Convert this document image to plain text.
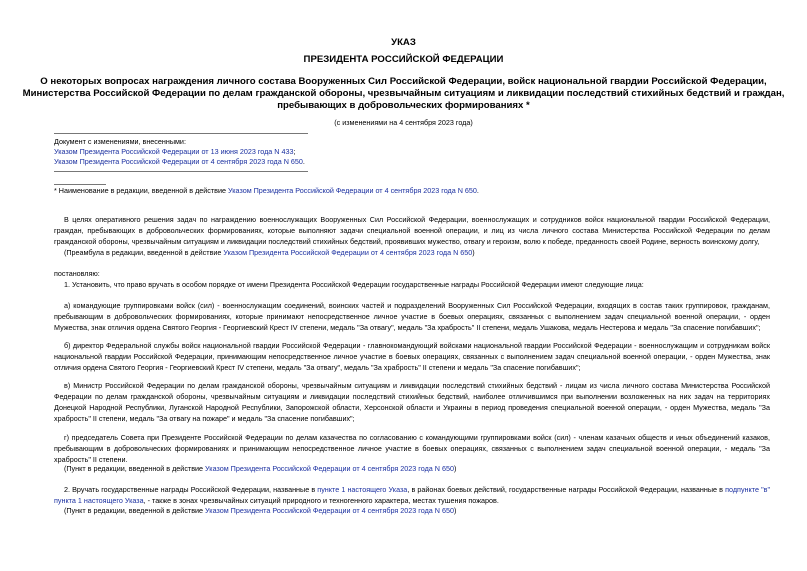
УКАЗ
ПРЕЗИДЕНТА РОССИЙСКОЙ ФЕДЕРАЦИИ
О некоторых вопросах награждения личного состава Вооруженных Сил Российской Федерации, войск национальной гвардии Российской Федерации,
Министерства Российской Федерации по делам гражданской обороны, чрезвычайным ситуациям и ликвидации последствий стихийных бедствий и граждан,
пребывающих в добровольческих формированиях *
(с изменениями на 4 сентября 2023 года)
Документ с изменениями, внесенными:
Указом Президента Российской Федерации от 13 июня 2023 года N 433;
Указом Президента Российской Федерации от 4 сентября 2023 года N 650.
* Наименование в редакции, введенной в действие Указом Президента Российской Федерации от 4 сентября 2023 года N 650.
В целях оперативного решения задач по награждению военнослужащих Вооруженных Сил Российской Федерации, военнослужащих и сотрудников войск национальной гвардии Российской Федерации, граждан, пребывающих в добровольческих формированиях, которые выполняют задачи специальной военной операции, и лиц из числа личного состава Министерства Российской Федерации по делам гражданской обороны, чрезвычайным ситуациям и ликвидации последствий стихийных бедствий, проявивших мужество, отвагу и героизм, волю к победе, преданность своей Родине, верность воинскому долгу,
(Преамбула в редакции, введенной в действие Указом Президента Российской Федерации от 4 сентября 2023 года N 650)
постановляю:
1. Установить, что право вручать в особом порядке от имени Президента Российской Федерации государственные награды Российской Федерации имеют следующие лица:
а) командующие группировками войск (сил) - военнослужащим соединений, воинских частей и подразделений Вооруженных Сил Российской Федерации, входящих в состав таких группировок, гражданам, пребывающим в добровольческих формированиях, которые принимают непосредственное личное участие в боевых операциях, связанных с выполнением задач специальной военной операции, - орден Мужества, знак отличия ордена Святого Георгия - Георгиевский Крест IV степени, медаль "За отвагу", медаль "За храбрость" II степени, медаль Ушакова, медаль Нестерова и медаль "За спасение погибавших";
б) директор Федеральной службы войск национальной гвардии Российской Федерации - главнокомандующий войсками национальной гвардии Российской Федерации - военнослужащим и сотрудникам войск национальной гвардии Российской Федерации, принимающим непосредственное личное участие в боевых операциях, связанных с выполнением задач специальной военной операции, - орден Мужества, знак отличия ордена Святого Георгия - Георгиевский Крест IV степени, медаль "За отвагу", медаль "За храбрость" II степени и медаль "За спасение погибавших";
в) Министр Российской Федерации по делам гражданской обороны, чрезвычайным ситуациям и ликвидации последствий стихийных бедствий - лицам из числа личного состава Министерства Российской Федерации по делам гражданской обороны, чрезвычайным ситуациям и ликвидации последствий стихийных бедствий, наиболее отличившимся при выполнении возложенных на них задач на территориях Донецкой Народной Республики, Луганской Народной Республики, Запорожской области, Херсонской области и Украины в период проведения специальной военной операции, - орден Мужества, медаль "За храбрость" II степени, медаль "За отвагу на пожаре" и медаль "За спасение погибавших";
г) председатель Совета при Президенте Российской Федерации по делам казачества по согласованию с командующими группировками войск (сил) - членам казачьих обществ и иных объединений казаков, пребывающим в добровольческих формированиях и принимающим непосредственное личное участие в боевых операциях, связанных с выполнением задач специальной военной операции, - медаль "За храбрость" II степени.
(Пункт в редакции, введенной в действие Указом Президента Российской Федерации от 4 сентября 2023 года N 650)
2. Вручать государственные награды Российской Федерации, названные в пункте 1 настоящего Указа, в районах боевых действий, государственные награды Российской Федерации, названные в подпункте "в" пункта 1 настоящего Указа, - также в зонах чрезвычайных ситуаций природного и техногенного характера, местах тушения пожаров.
(Пункт в редакции, введенной в действие Указом Президента Российской Федерации от 4 сентября 2023 года N 650)
